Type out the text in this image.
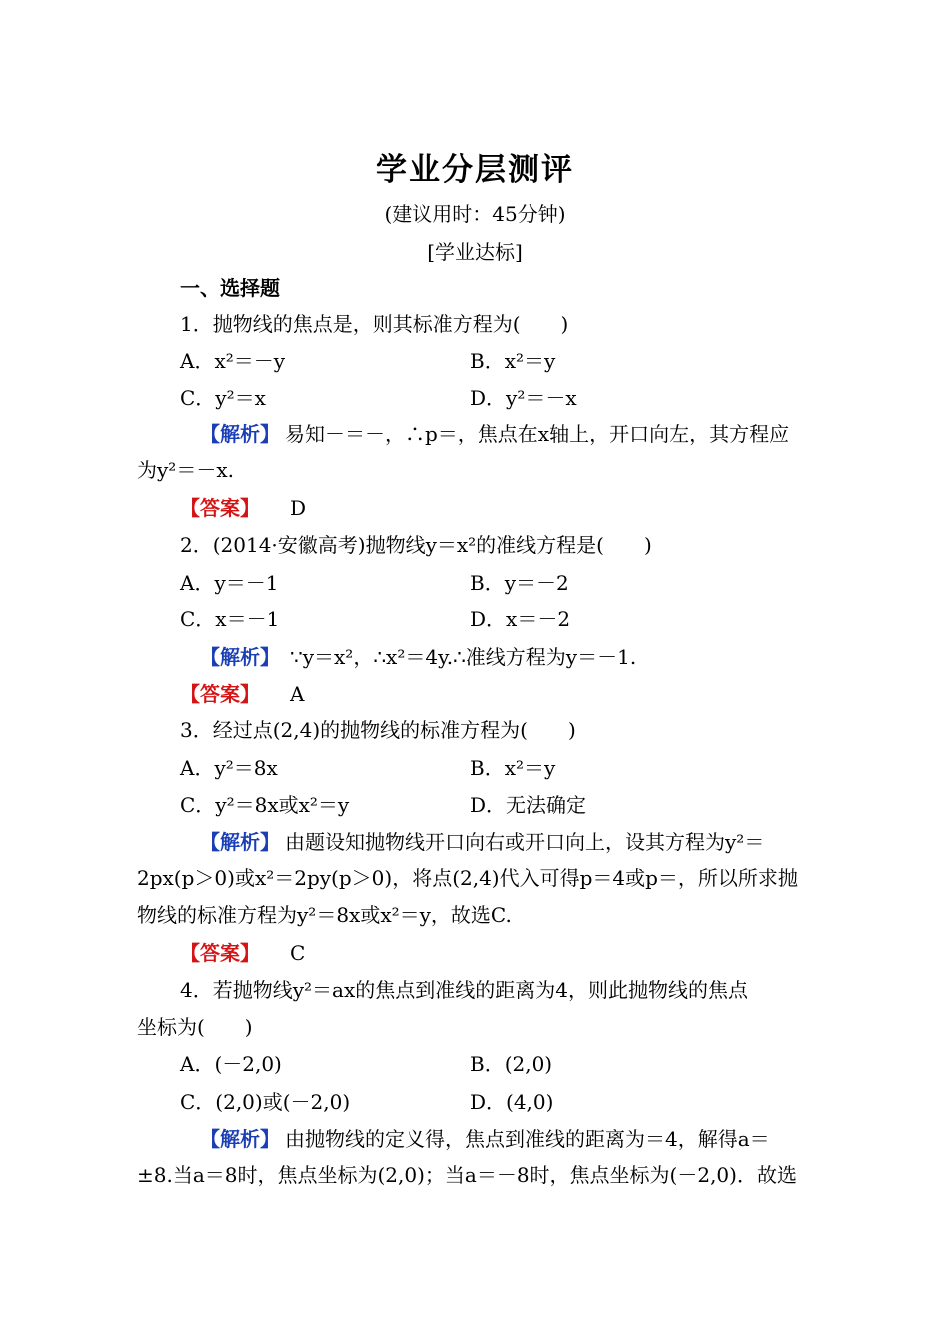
学业分层测评
(建议用时：45分钟)
[学业达标]
一、选择题
1．抛物线的焦点是，则其标准方程为(　　)
A．x²＝－y	B．x²＝y
C．y²＝x	D．y²＝－x
【解析】 易知－＝－，∴p＝，焦点在x轴上，开口向左，其方程应
为y²＝－x.
【答案】 D
2．(2014·安徽高考)抛物线y＝x²的准线方程是(　　)
A．y＝－1	B．y＝－2
C．x＝－1	D．x＝－2
【解析】 ∵y＝x²，∴x²＝4y.∴准线方程为y＝－1.
【答案】 A
3．经过点(2,4)的抛物线的标准方程为(　　)
A．y²＝8x	B．x²＝y
C．y²＝8x或x²＝y	D．无法确定
【解析】 由题设知抛物线开口向右或开口向上，设其方程为y²＝
2px(p＞0)或x²＝2py(p＞0)，将点(2,4)代入可得p＝4或p＝，所以所求抛
物线的标准方程为y²＝8x或x²＝y，故选C.
【答案】 C
4．若抛物线y²＝ax的焦点到准线的距离为4，则此抛物线的焦点
坐标为(　　)
A．(－2,0)	B．(2,0)
C．(2,0)或(－2,0)	D．(4,0)
【解析】 由抛物线的定义得，焦点到准线的距离为＝4，解得a＝
±8.当a＝8时，焦点坐标为(2,0)；当a＝－8时，焦点坐标为(－2,0)．故选
